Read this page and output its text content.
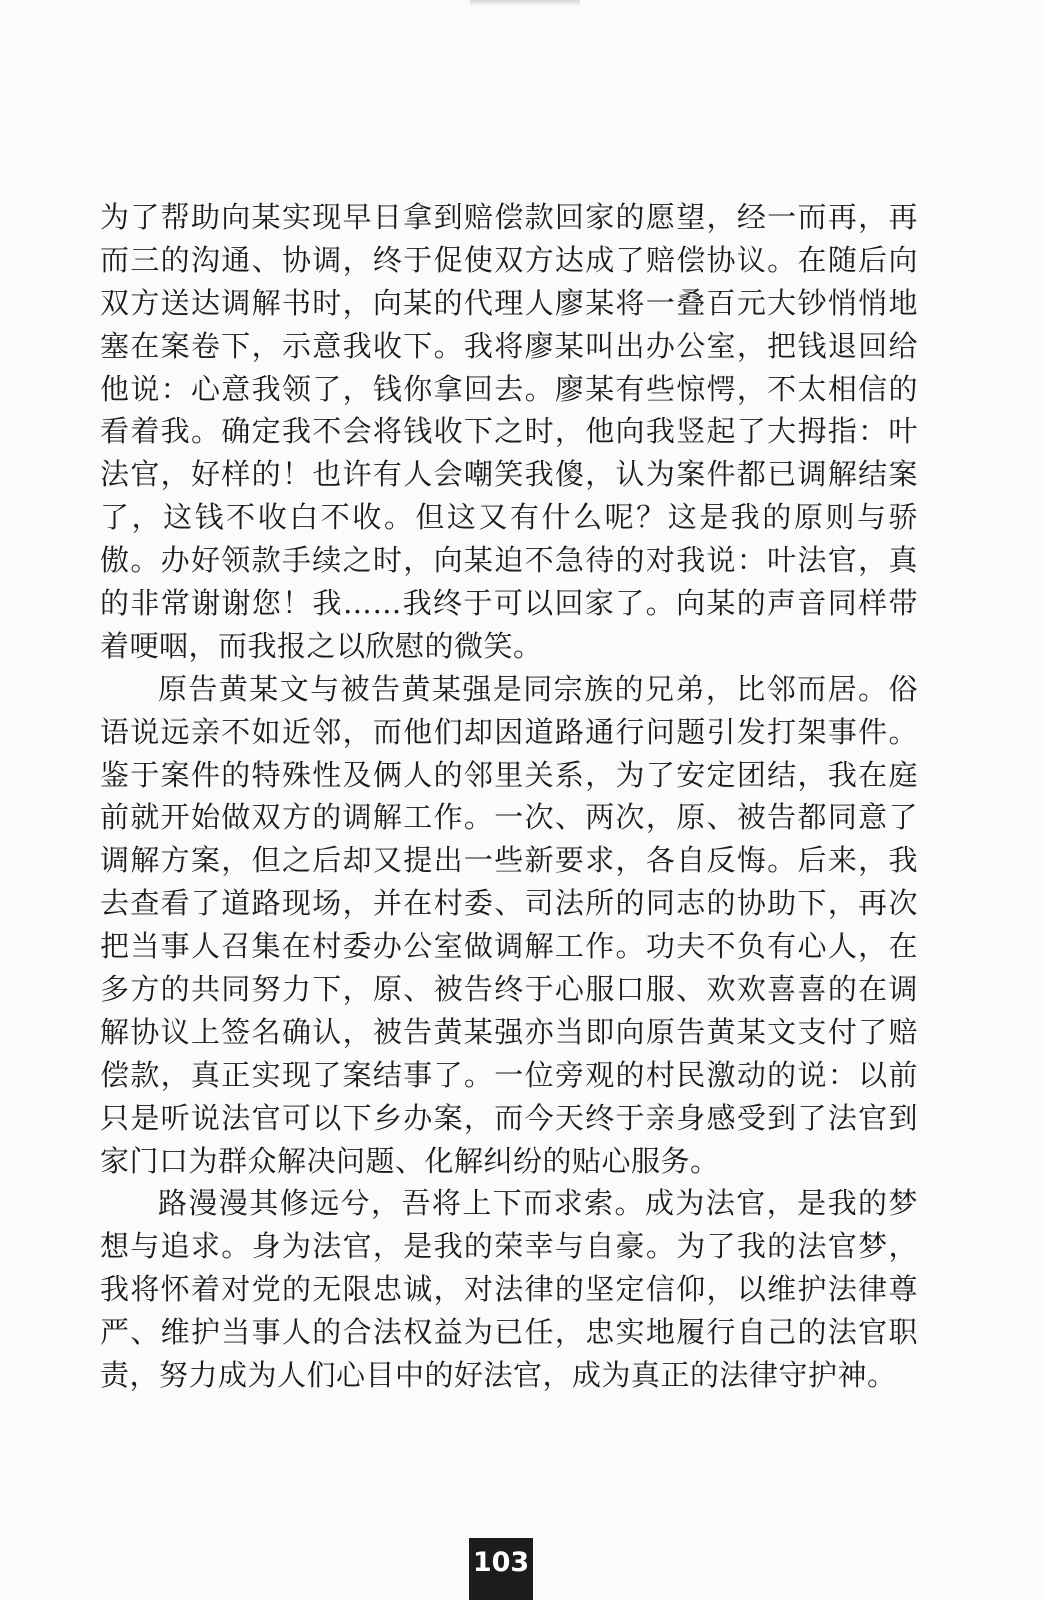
为了帮助向某实现早日拿到赔偿款回家的愿望，经一而再，再
而三的沟通、协调，终于促使双方达成了赔偿协议。在随后向
双方送达调解书时，向某的代理人廖某将一叠百元大钞悄悄地
塞在案卷下，示意我收下。我将廖某叫出办公室，把钱退回给
他说：心意我领了，钱你拿回去。廖某有些惊愕，不太相信的
看着我。确定我不会将钱收下之时，他向我竖起了大拇指：叶
法官，好样的！也许有人会嘲笑我傻，认为案件都已调解结案
了，这钱不收白不收。但这又有什么呢？这是我的原则与骄
傲。办好领款手续之时，向某迫不急待的对我说：叶法官，真
的非常谢谢您！我……我终于可以回家了。向某的声音同样带
着哽咽，而我报之以欣慰的微笑。
原告黄某文与被告黄某强是同宗族的兄弟，比邻而居。俗
语说远亲不如近邻，而他们却因道路通行问题引发打架事件。
鉴于案件的特殊性及俩人的邻里关系，为了安定团结，我在庭
前就开始做双方的调解工作。一次、两次，原、被告都同意了
调解方案，但之后却又提出一些新要求，各自反悔。后来，我
去查看了道路现场，并在村委、司法所的同志的协助下，再次
把当事人召集在村委办公室做调解工作。功夫不负有心人，在
多方的共同努力下，原、被告终于心服口服、欢欢喜喜的在调
解协议上签名确认，被告黄某强亦当即向原告黄某文支付了赔
偿款，真正实现了案结事了。一位旁观的村民激动的说：以前
只是听说法官可以下乡办案，而今天终于亲身感受到了法官到
家门口为群众解决问题、化解纠纷的贴心服务。
路漫漫其修远兮，吾将上下而求索。成为法官，是我的梦
想与追求。身为法官，是我的荣幸与自豪。为了我的法官梦，
我将怀着对党的无限忠诚，对法律的坚定信仰，以维护法律尊
严、维护当事人的合法权益为已任，忠实地履行自己的法官职
责，努力成为人们心目中的好法官，成为真正的法律守护神。
103
